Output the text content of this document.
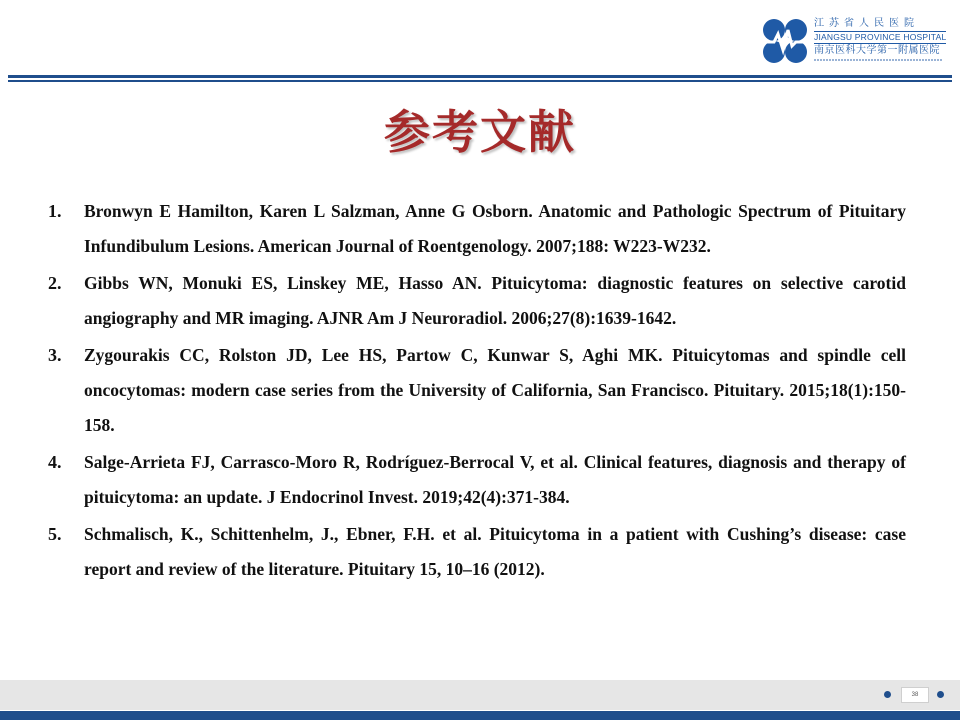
江苏省人民医院
JIANGSU PROVINCE HOSPITAL
南京医科大学第一附属医院
参考文献
1.	Bronwyn E Hamilton, Karen L Salzman, Anne G Osborn. Anatomic and Pathologic Spectrum of Pituitary Infundibulum Lesions. American Journal of Roentgenology. 2007;188: W223-W232.
2.	Gibbs WN, Monuki ES, Linskey ME, Hasso AN. Pituicytoma: diagnostic features on selective carotid angiography and MR imaging. AJNR Am J Neuroradiol. 2006;27(8):1639-1642.
3.	Zygourakis CC, Rolston JD, Lee HS, Partow C, Kunwar S, Aghi MK. Pituicytomas and spindle cell oncocytomas: modern case series from the University of California, San Francisco. Pituitary. 2015;18(1):150-158.
4.	Salge-Arrieta FJ, Carrasco-Moro R, Rodríguez-Berrocal V, et al. Clinical features, diagnosis and therapy of pituicytoma: an update. J Endocrinol Invest. 2019;42(4):371-384.
5.	Schmalisch, K., Schittenhelm, J., Ebner, F.H. et al. Pituicytoma in a patient with Cushing’s disease: case report and review of the literature. Pituitary 15, 10–16 (2012).
38
